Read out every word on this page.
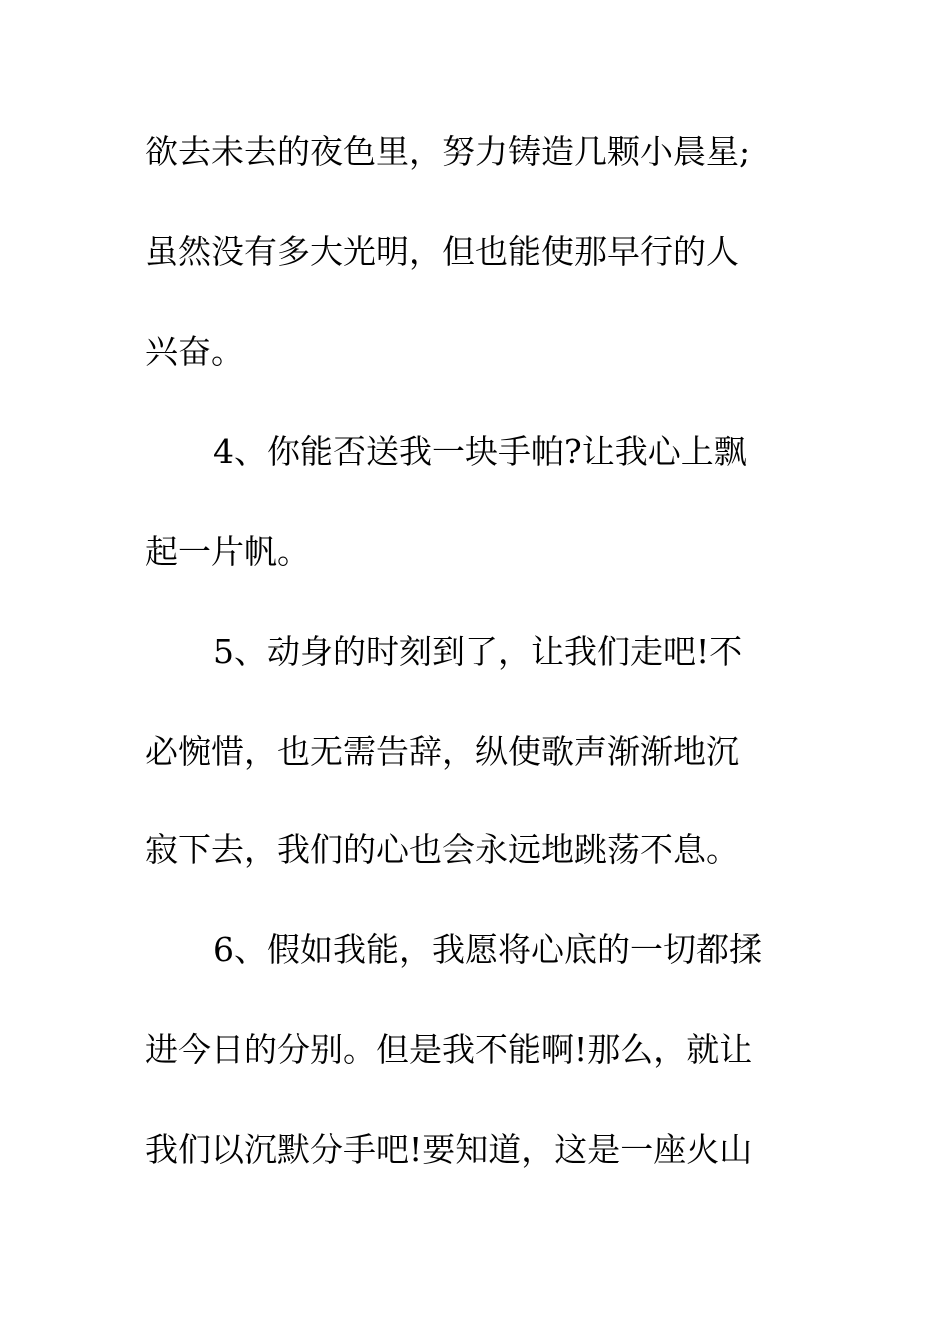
欲去未去的夜色里，努力铸造几颗小晨星;
虽然没有多大光明，但也能使那早行的人
兴奋。
4、你能否送我一块手帕?让我心上飘
起一片帆。
5、动身的时刻到了，让我们走吧!不
必惋惜，也无需告辞，纵使歌声渐渐地沉
寂下去，我们的心也会永远地跳荡不息。
6、假如我能，我愿将心底的一切都揉
进今日的分别。但是我不能啊!那么，就让
我们以沉默分手吧!要知道，这是一座火山
